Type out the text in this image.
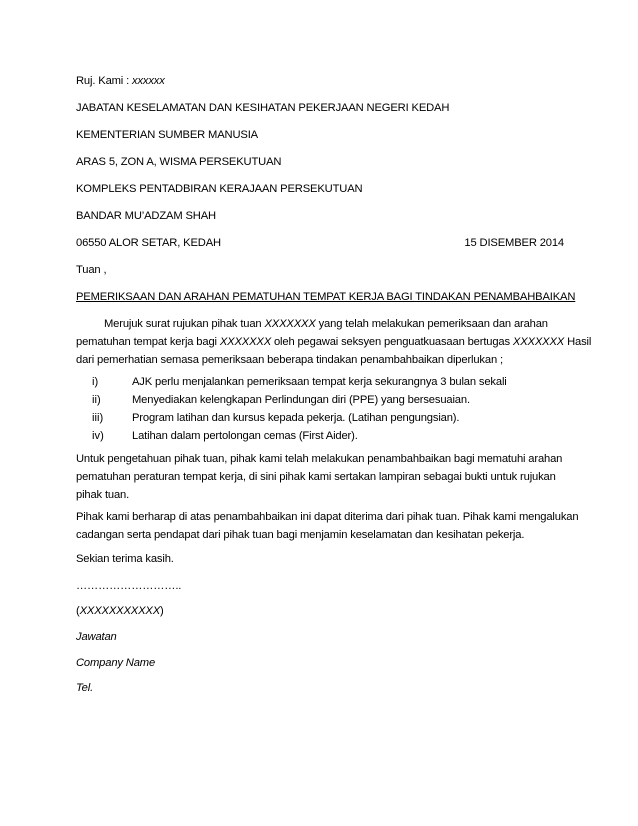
Ruj. Kami : xxxxxx
JABATAN KESELAMATAN DAN KESIHATAN PEKERJAAN NEGERI KEDAH
KEMENTERIAN SUMBER MANUSIA
ARAS 5, ZON A, WISMA PERSEKUTUAN
KOMPLEKS PENTADBIRAN KERAJAAN PERSEKUTUAN
BANDAR MU’ADZAM SHAH
06550 ALOR SETAR, KEDAH	15 DISEMBER 2014
Tuan ,
PEMERIKSAAN DAN ARAHAN PEMATUHAN TEMPAT KERJA BAGI TINDAKAN PENAMBAHBAIKAN
Merujuk surat rujukan pihak tuan XXXXXXX yang telah melakukan pemeriksaan dan arahan
pematuhan tempat kerja bagi XXXXXXX oleh pegawai seksyen penguatkuasaan bertugas XXXXXXX Hasil
dari pemerhatian semasa pemeriksaan beberapa tindakan penambahbaikan diperlukan ;
i)	AJK perlu menjalankan pemeriksaan tempat kerja sekurangnya 3 bulan sekali
ii)	Menyediakan kelengkapan Perlindungan diri (PPE) yang bersesuaian.
iii)	Program latihan dan kursus kepada pekerja. (Latihan pengungsian).
iv)	Latihan dalam pertolongan cemas (First Aider).
Untuk pengetahuan pihak tuan, pihak kami telah melakukan penambahbaikan bagi mematuhi arahan
pematuhan peraturan tempat kerja, di sini pihak kami sertakan lampiran sebagai bukti untuk rujukan
pihak tuan.
Pihak kami berharap di atas penambahbaikan ini dapat diterima dari pihak tuan. Pihak kami mengalukan
cadangan serta pendapat dari pihak tuan bagi menjamin keselamatan dan kesihatan pekerja.
Sekian terima kasih.
………………………..
(XXXXXXXXXXX)
Jawatan
Company Name
Tel.
